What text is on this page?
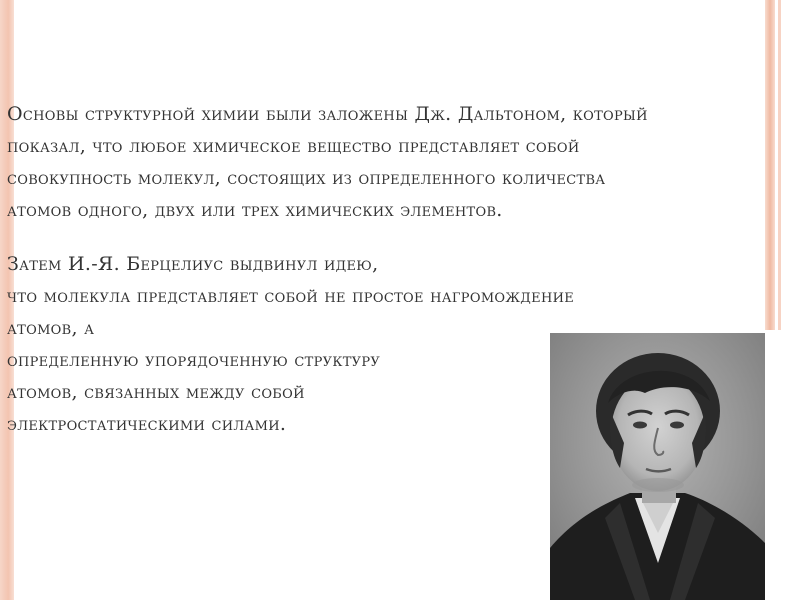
Основы структурной химии были заложены Дж. Дальтоном, который
показал, что любое химическое вещество представляет собой
совокупность молекул, состоящих из определенного количества
атомов одного, двух или трех химических элементов.
Затем И.-Я. Берцелиус выдвинул идею,
что молекула представляет собой не простое нагромождение
атомов, а
определенную упорядоченную структуру
атомов, связанных между собой
электростатическими силами.
